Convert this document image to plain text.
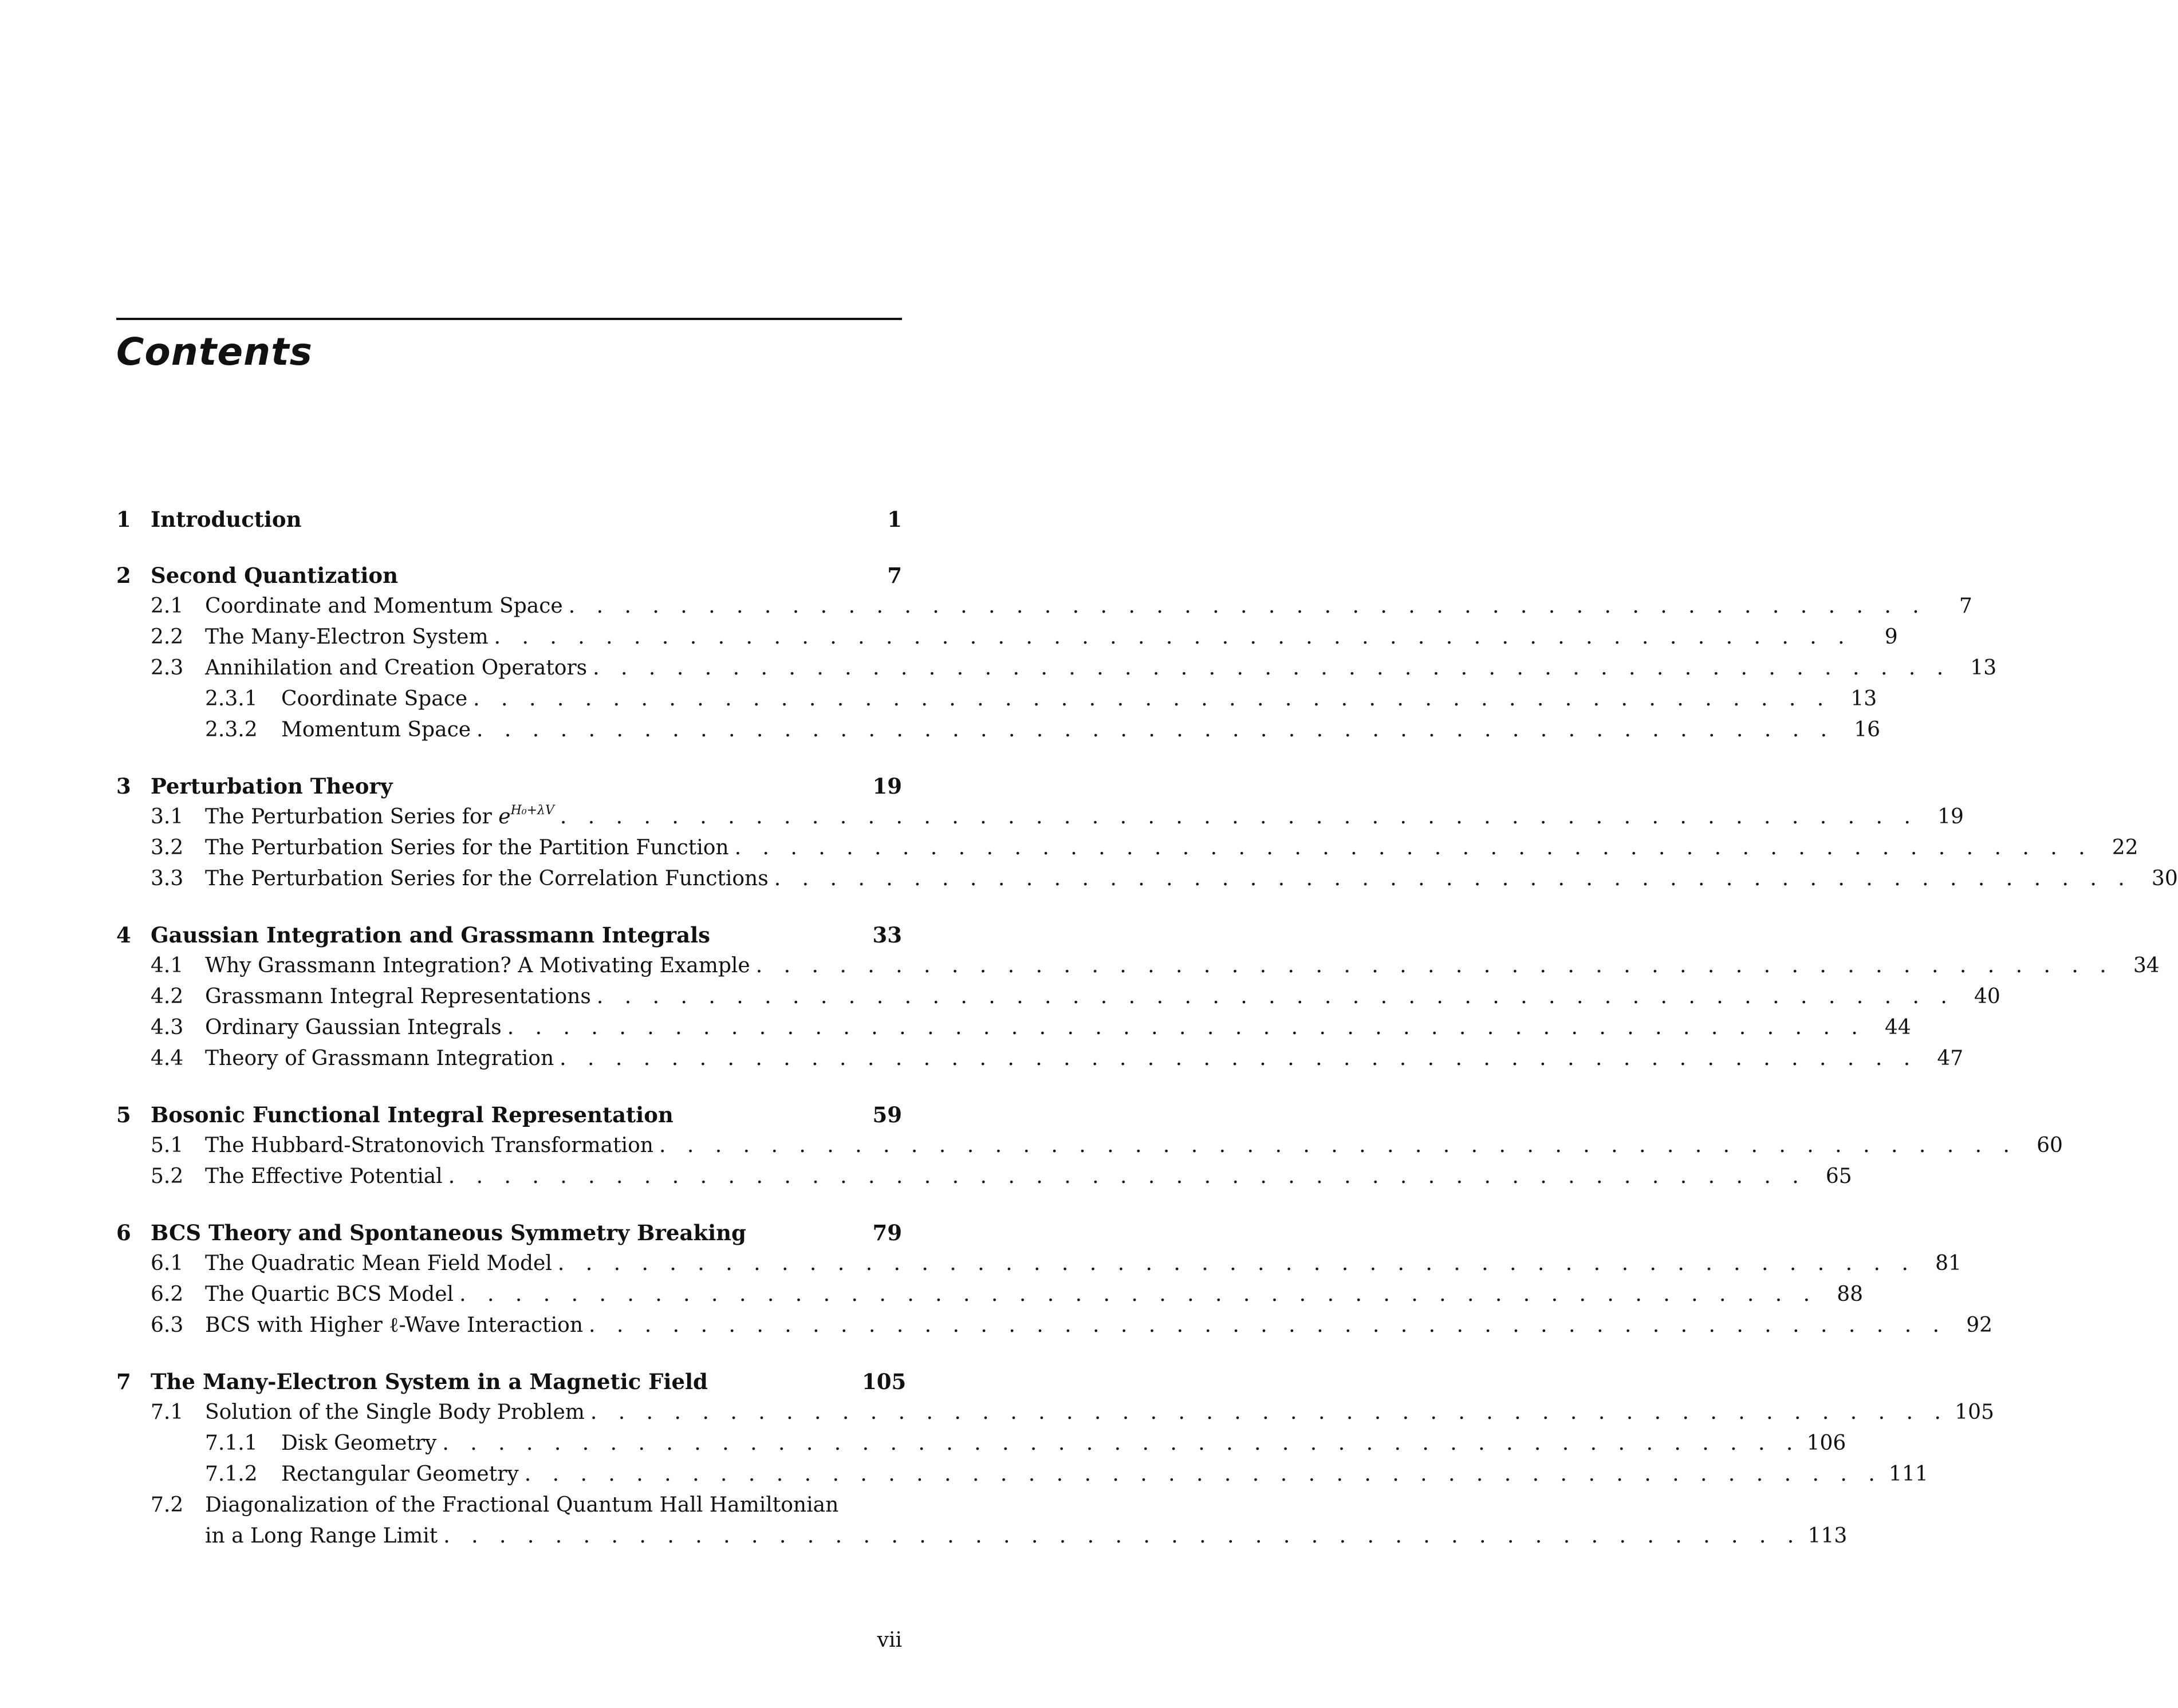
Contents
1 Introduction	1
2 Second Quantization	7
2.1	Coordinate and Momentum Space . . . . . . . . . . . . . . . . . . . . . . . . . . . . . . . . . . . . . . . . . . . . . . . . .	7
2.2	The Many-Electron System . . . . . . . . . . . . . . . . . . . . . . . . . . . . . . . . . . . . . . . . . . . . . . . . .	9
2.3	Annihilation and Creation Operators . . . . . . . . . . . . . . . . . . . . . . . . . . . . . . . . . . . . . . . . . . . . . . . . . 13
2.3.1	Coordinate Space . . . . . . . . . . . . . . . . . . . . . . . . . . . . . . . . . . . . . . . . . . . . . . . . . 13
2.3.2	Momentum Space . . . . . . . . . . . . . . . . . . . . . . . . . . . . . . . . . . . . . . . . . . . . . . . . . 16
3 Perturbation Theory	19
3.1	The Perturbation Series for $e^{H_0+\lambda V}$ . . . . . . . . . . . . . . . . . . . . . . . . . . . . . . . . . . . . . . . . . . . . . . . . . 19
3.2	The Perturbation Series for the Partition Function . . . . . . . . . . . . . . . . . . . . . . . . . . . . . . . . . . . . . . . . . . . . . . . . . 22
3.3	The Perturbation Series for the Correlation Functions . . . . . . . . . . . . . . . . . . . . . . . . . . . . . . . . . . . . . . . . . . . . . . . . . 30
4 Gaussian Integration and Grassmann Integrals	33
4.1	Why Grassmann Integration? A Motivating Example . . . . . . . . . . . . . . . . . . . . . . . . . . . . . . . . . . . . . . . . . . . . . . . . . 34
4.2	Grassmann Integral Representations . . . . . . . . . . . . . . . . . . . . . . . . . . . . . . . . . . . . . . . . . . . . . . . . . 40
4.3	Ordinary Gaussian Integrals . . . . . . . . . . . . . . . . . . . . . . . . . . . . . . . . . . . . . . . . . . . . . . . . . 44
4.4	Theory of Grassmann Integration . . . . . . . . . . . . . . . . . . . . . . . . . . . . . . . . . . . . . . . . . . . . . . . . . 47
5 Bosonic Functional Integral Representation	59
5.1	The Hubbard-Stratonovich Transformation . . . . . . . . . . . . . . . . . . . . . . . . . . . . . . . . . . . . . . . . . . . . . . . . . 60
5.2	The Effective Potential . . . . . . . . . . . . . . . . . . . . . . . . . . . . . . . . . . . . . . . . . . . . . . . . . 65
6 BCS Theory and Spontaneous Symmetry Breaking	79
6.1	The Quadratic Mean Field Model . . . . . . . . . . . . . . . . . . . . . . . . . . . . . . . . . . . . . . . . . . . . . . . . . 81
6.2	The Quartic BCS Model . . . . . . . . . . . . . . . . . . . . . . . . . . . . . . . . . . . . . . . . . . . . . . . . . 88
6.3	BCS with Higher ℓ-Wave Interaction . . . . . . . . . . . . . . . . . . . . . . . . . . . . . . . . . . . . . . . . . . . . . . . . . 92
7 The Many-Electron System in a Magnetic Field	105
7.1	Solution of the Single Body Problem . . . . . . . . . . . . . . . . . . . . . . . . . . . . . . . . . . . . . . . . . . . . . . . . . 105
7.1.1	Disk Geometry . . . . . . . . . . . . . . . . . . . . . . . . . . . . . . . . . . . . . . . . . . . . . . . . . 106
7.1.2	Rectangular Geometry . . . . . . . . . . . . . . . . . . . . . . . . . . . . . . . . . . . . . . . . . . . . . . . . . 111
7.2	Diagonalization of the Fractional Quantum Hall Hamiltonian
in a Long Range Limit . . . . . . . . . . . . . . . . . . . . . . . . . . . . . . . . . . . . . . . . . . . . . . . . . 113
vii
